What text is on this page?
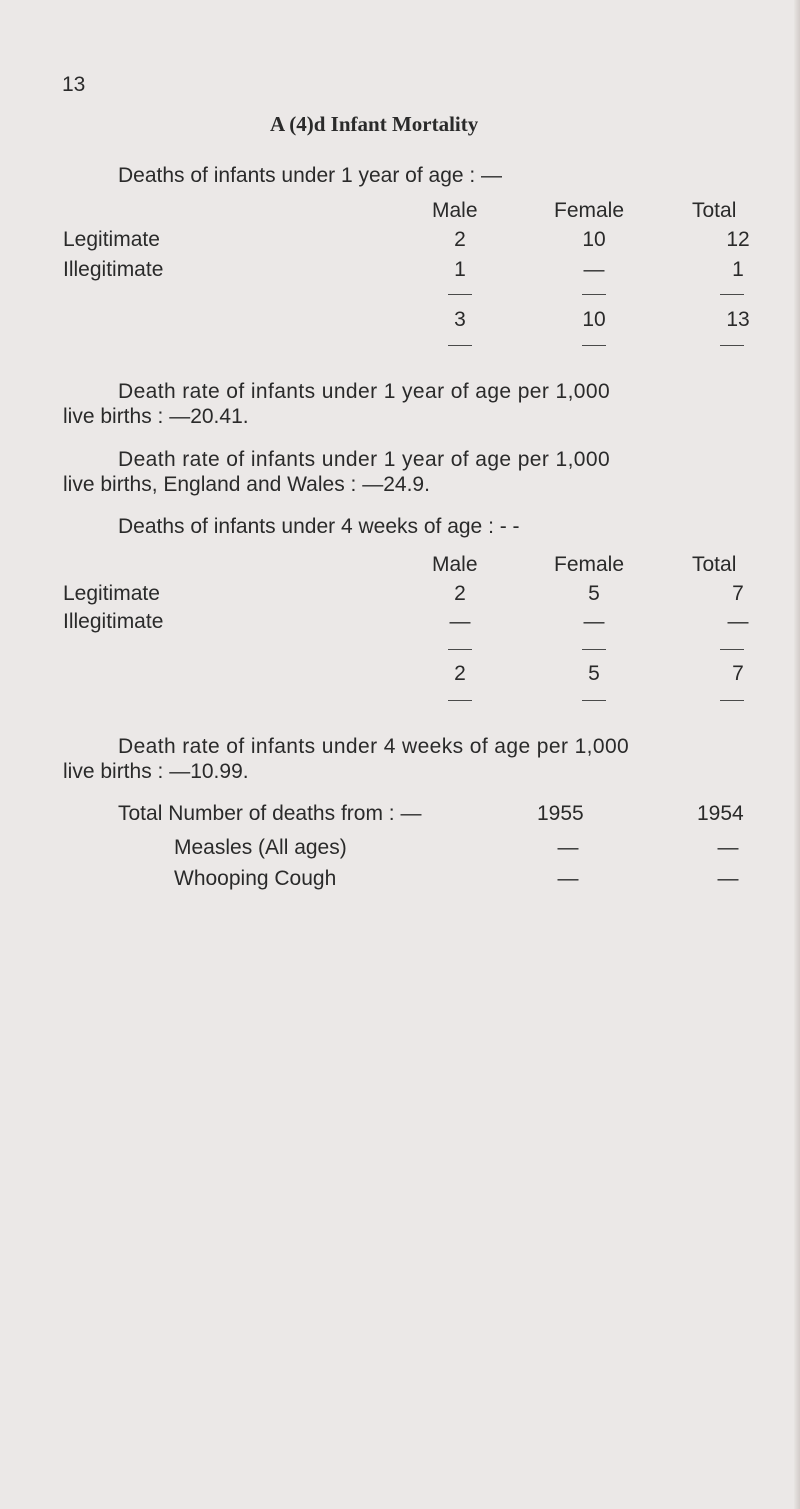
13
A (4)d Infant Mortality
Deaths of infants under 1 year of age : —
Male	Female	Total
Legitimate	2	10	12
Illegitimate	1	—	1
3	10	13
Death rate of infants under 1 year of age per 1,000
live births : —20.41.
Death rate of infants under 1 year of age per 1,000
live births, England and Wales : —24.9.
Deaths of infants under 4 weeks of age : - -
Male	Female	Total
Legitimate	2	5	7
Illegitimate	—	—	—
2	5	7
Death rate of infants under 4 weeks of age per 1,000
live births : —10.99.
Total Number of deaths from : —	1955	1954
Measles (All ages)	—	—
Whooping Cough	—	—
